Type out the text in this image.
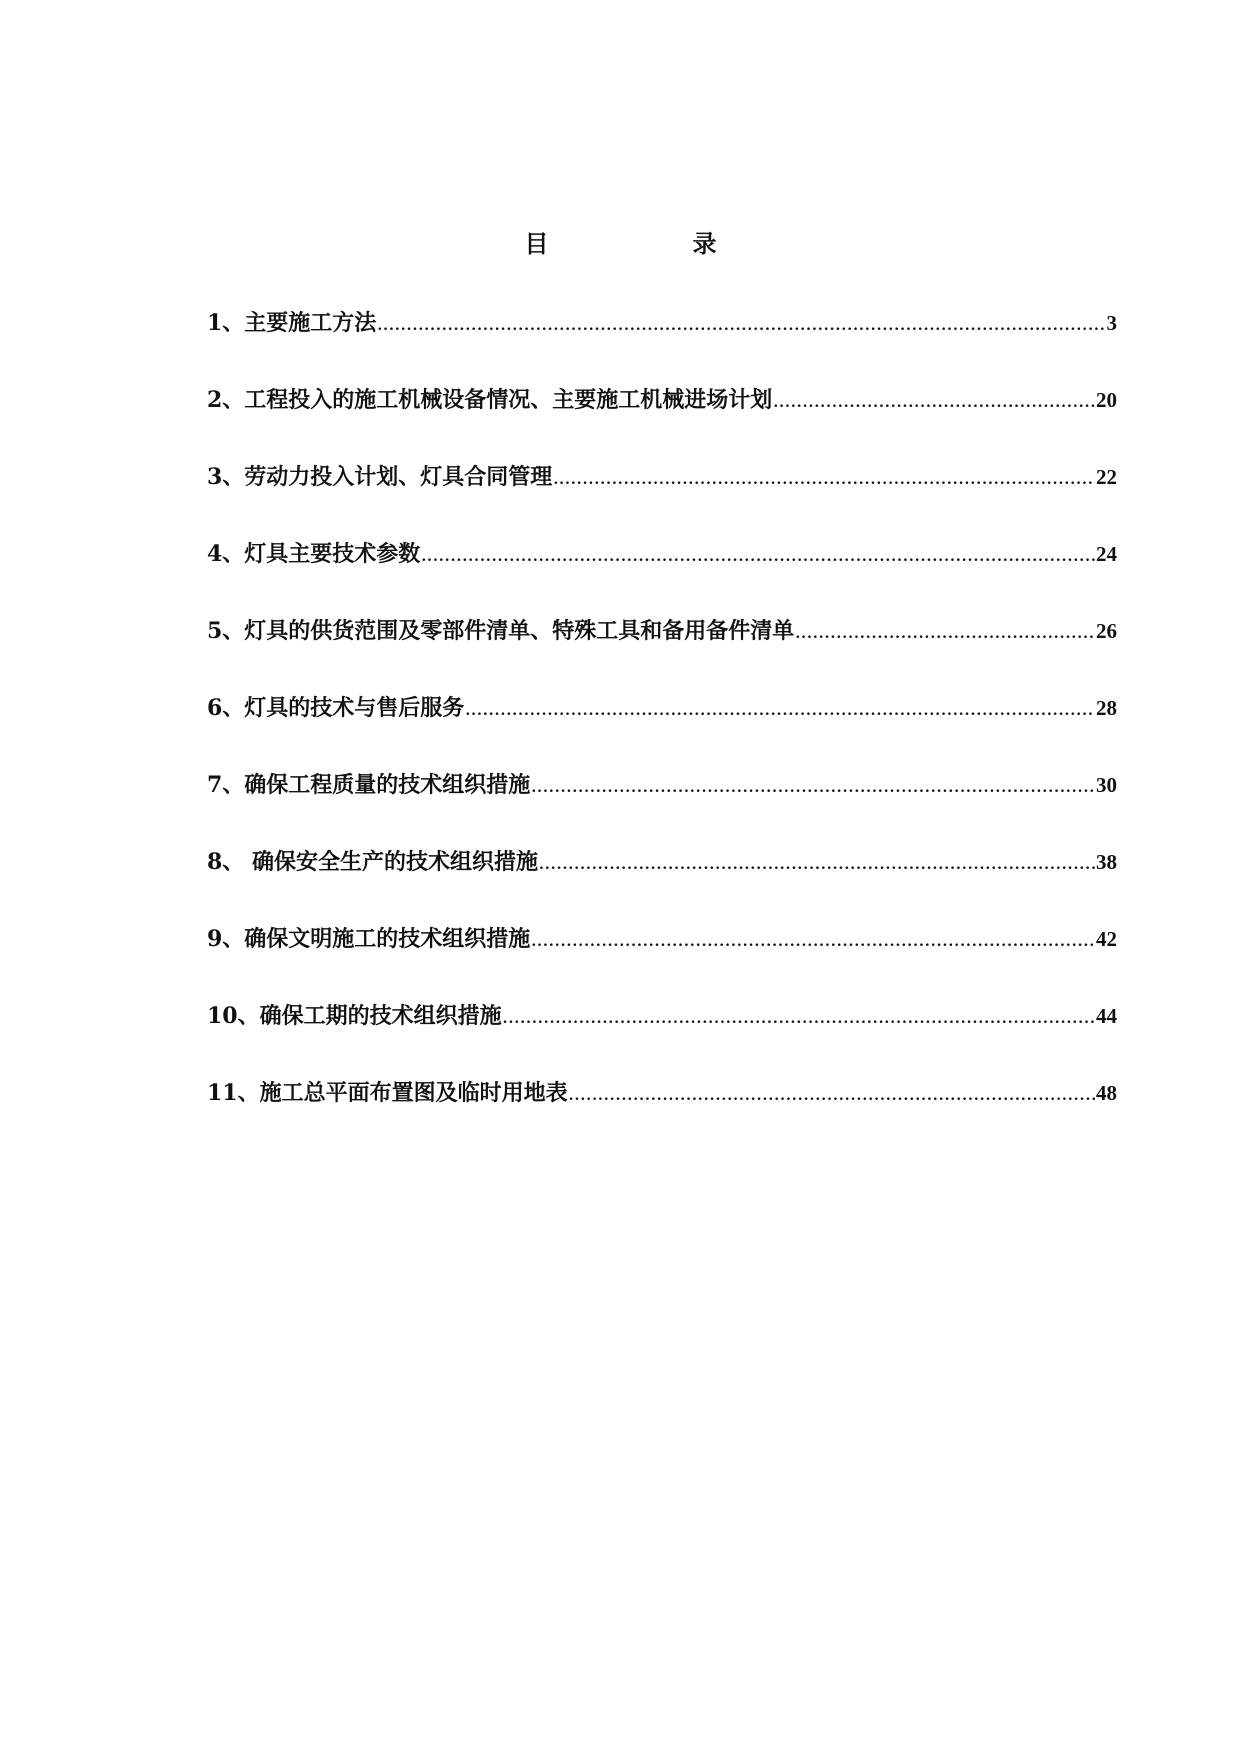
目　录
1、主要施工方法 .....	3
2、工程投入的施工机械设备情况、主要施工机械进场计划 .....	20
3、劳动力投入计划、灯具合同管理 .....	22
4、灯具主要技术参数 .....	24
5、灯具的供货范围及零部件清单、特殊工具和备用备件清单 .....	26
6、灯具的技术与售后服务 .....	28
7、确保工程质量的技术组织措施 .....	30
8、 确保安全生产的技术组织措施 .....	38
9、确保文明施工的技术组织措施 .....	42
10、确保工期的技术组织措施 .....	44
11、施工总平面布置图及临时用地表 .....	48
